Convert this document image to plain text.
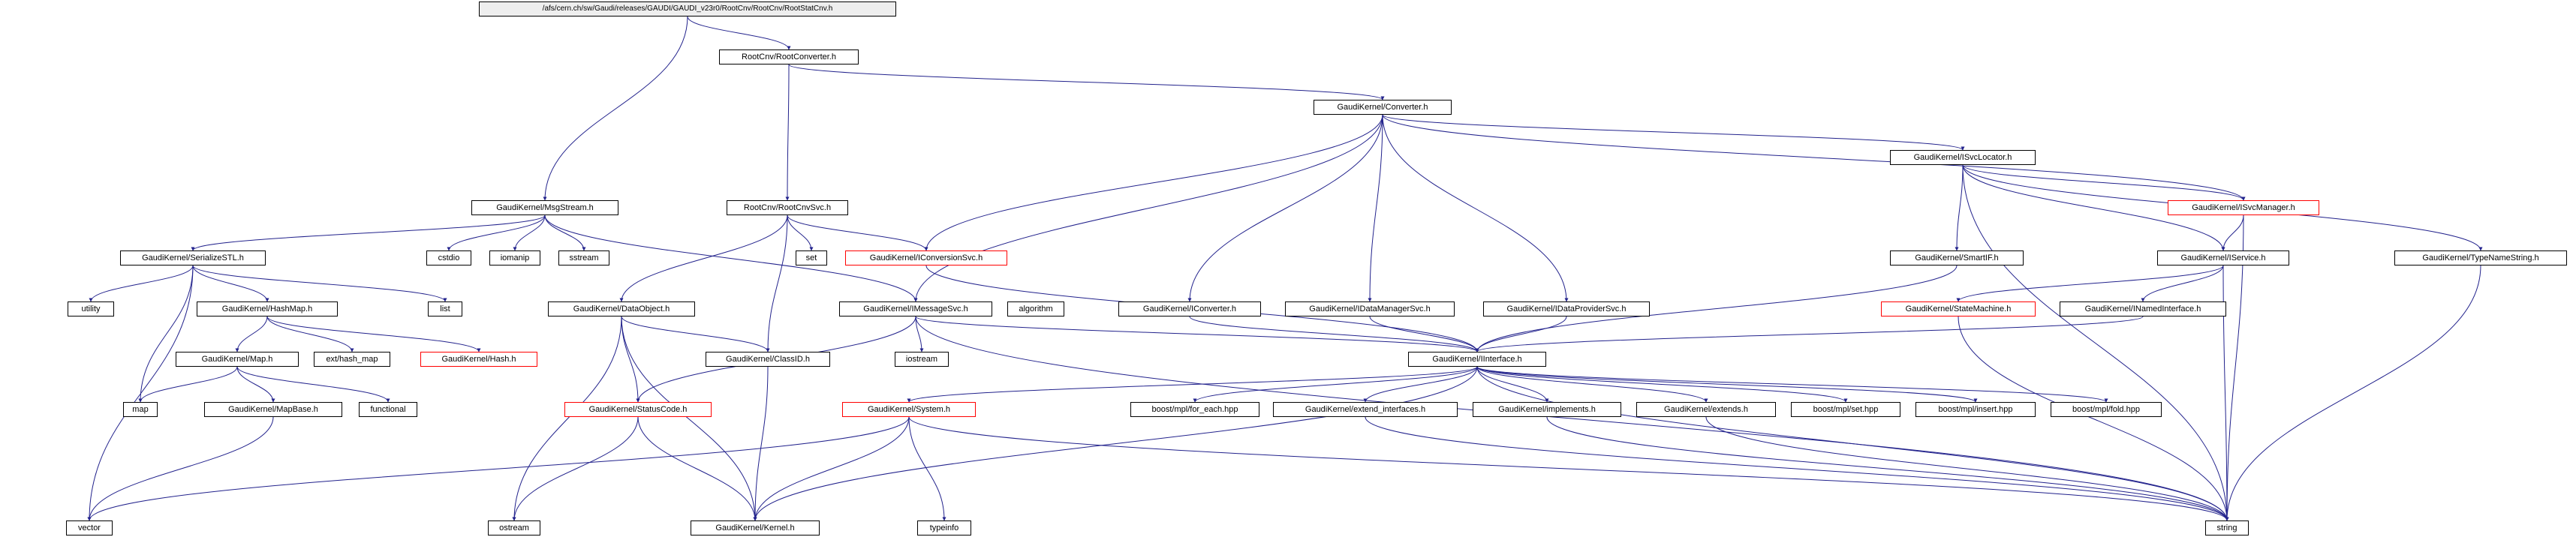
/afs/cern.ch/sw/Gaudi/releases/GAUDI/GAUDI_v23r0/RootCnv/RootCnv/RootStatCnv.h
RootCnv/RootConverter.h
GaudiKernel/Converter.h
GaudiKernel/ISvcLocator.h
GaudiKernel/ISvcManager.h
GaudiKernel/MsgStream.h	RootCnv/RootCnvSvc.h
GaudiKernel/SerializeSTL.h	cstdio	iomanip	sstream	set	GaudiKernel/IConversionSvc.h	GaudiKernel/SmartIF.h	GaudiKernel/IService.h	GaudiKernel/TypeNameString.h
utility	GaudiKernel/HashMap.h	list	GaudiKernel/DataObject.h	GaudiKernel/IMessageSvc.h	algorithm	GaudiKernel/IConverter.h	GaudiKernel/IDataManagerSvc.h	GaudiKernel/IDataProviderSvc.h	GaudiKernel/StateMachine.h	GaudiKernel/INamedInterface.h
GaudiKernel/Map.h	ext/hash_map	GaudiKernel/Hash.h	GaudiKernel/ClassID.h	iostream	GaudiKernel/IInterface.h
map	GaudiKernel/MapBase.h	functional	GaudiKernel/StatusCode.h	GaudiKernel/System.h	boost/mpl/for_each.hpp	GaudiKernel/extend_interfaces.h	GaudiKernel/implements.h	GaudiKernel/extends.h	boost/mpl/set.hpp	boost/mpl/insert.hpp	boost/mpl/fold.hpp
vector	ostream	GaudiKernel/Kernel.h	typeinfo	string
